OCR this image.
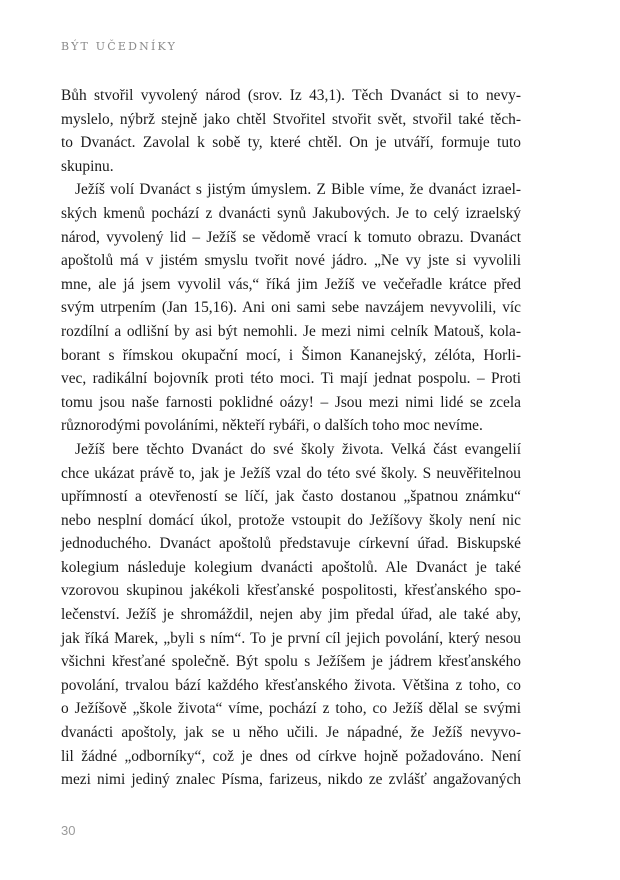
BÝT UČEDNÍKY
Bůh stvořil vyvolený národ (srov. Iz 43,1). Těch Dvanáct si to nevy-
myslelo, nýbrž stejně jako chtěl Stvořitel stvořit svět, stvořil také těch-
to Dvanáct. Zavolal k sobě ty, které chtěl. On je utváří, formuje tuto
skupinu.
Ježíš volí Dvanáct s jistým úmyslem. Z Bible víme, že dvanáct izrael-
ských kmenů pochází z dvanácti synů Jakubových. Je to celý izraelský
národ, vyvolený lid – Ježíš se vědomě vrací k tomuto obrazu. Dvanáct
apoštolů má v jistém smyslu tvořit nové jádro. „Ne vy jste si vyvolili
mne, ale já jsem vyvolil vás,“ říká jim Ježíš ve večeřadle krátce před
svým utrpením (Jan 15,16). Ani oni sami sebe navzájem nevyvolili, víc
rozdílní a odlišní by asi být nemohli. Je mezi nimi celník Matouš, kola-
borant s římskou okupační mocí, i Šimon Kananejský, zélóta, Horli-
vec, radikální bojovník proti této moci. Ti mají jednat pospolu. – Proti
tomu jsou naše farnosti poklidné oázy! – Jsou mezi nimi lidé se zcela
různorodými povoláními, někteří rybáři, o dalších toho moc nevíme.
Ježíš bere těchto Dvanáct do své školy života. Velká část evangelií
chce ukázat právě to, jak je Ježíš vzal do této své školy. S neuvěřitelnou
upřímností a otevřeností se líčí, jak často dostanou „špatnou známku“
nebo nesplní domácí úkol, protože vstoupit do Ježíšovy školy není nic
jednoduchého. Dvanáct apoštolů představuje církevní úřad. Biskupské
kolegium následuje kolegium dvanácti apoštolů. Ale Dvanáct je také
vzorovou skupinou jakékoli křesťanské pospolitosti, křesťanského spo-
lečenství. Ježíš je shromáždil, nejen aby jim předal úřad, ale také aby,
jak říká Marek, „byli s ním“. To je první cíl jejich povolání, který nesou
všichni křesťané společně. Být spolu s Ježíšem je jádrem křesťanského
povolání, trvalou bází každého křesťanského života. Většina z toho, co
o Ježíšově „škole života“ víme, pochází z toho, co Ježíš dělal se svými
dvanácti apoštoly, jak se u něho učili. Je nápadné, že Ježíš nevyvo-
lil žádné „odborníky“, což je dnes od církve hojně požadováno. Není
mezi nimi jediný znalec Písma, farizeus, nikdo ze zvlášť angažovaných
30
